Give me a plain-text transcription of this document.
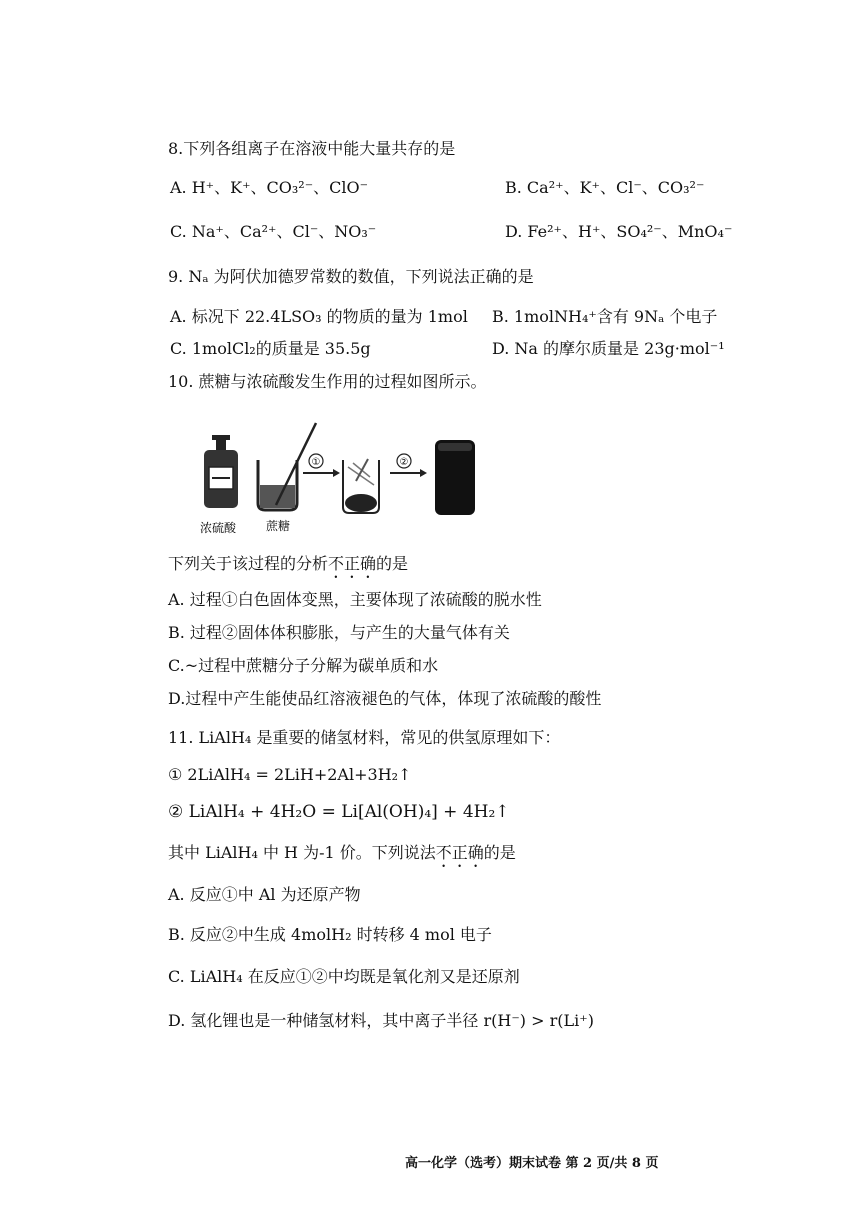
8.下列各组离子在溶液中能大量共存的是
A. H⁺、K⁺、CO₃²⁻、ClO⁻	B. Ca²⁺、K⁺、Cl⁻、CO₃²⁻
C. Na⁺、Ca²⁺、Cl⁻、NO₃⁻	D. Fe²⁺、H⁺、SO₄²⁻、MnO₄⁻
9. Nₐ 为阿伏加德罗常数的数值，下列说法正确的是
A. 标况下 22.4LSO₃ 的物质的量为 1mol B. 1molNH₄⁺含有 9Nₐ 个电子
C. 1molCl₂的质量是 35.5g	D. Na 的摩尔质量是 23g·mol⁻¹
10. 蔗糖与浓硫酸发生作用的过程如图所示。
①	②
浓硫酸 蔗糖
下列关于该过程的分析不正确的是
A. 过程①白色固体变黑，主要体现了浓硫酸的脱水性
B. 过程②固体体积膨胀，与产生的大量气体有关
C.~过程中蔗糖分子分解为碳单质和水
D.过程中产生能使品红溶液褪色的气体，体现了浓硫酸的酸性
11. LiAlH₄ 是重要的储氢材料，常见的供氢原理如下：
① 2LiAlH₄ = 2LiH+2Al+3H₂↑
② LiAlH₄ + 4H₂O = Li[Al(OH)₄] + 4H₂↑
其中 LiAlH₄ 中 H 为-1 价。下列说法不正确的是
A. 反应①中 Al 为还原产物
B. 反应②中生成 4molH₂ 时转移 4 mol 电子
C. LiAlH₄ 在反应①②中均既是氧化剂又是还原剂
D. 氢化锂也是一种储氢材料，其中离子半径 r(H⁻) > r(Li⁺)
高一化学（选考）期末试卷 第 2 页/共 8 页
